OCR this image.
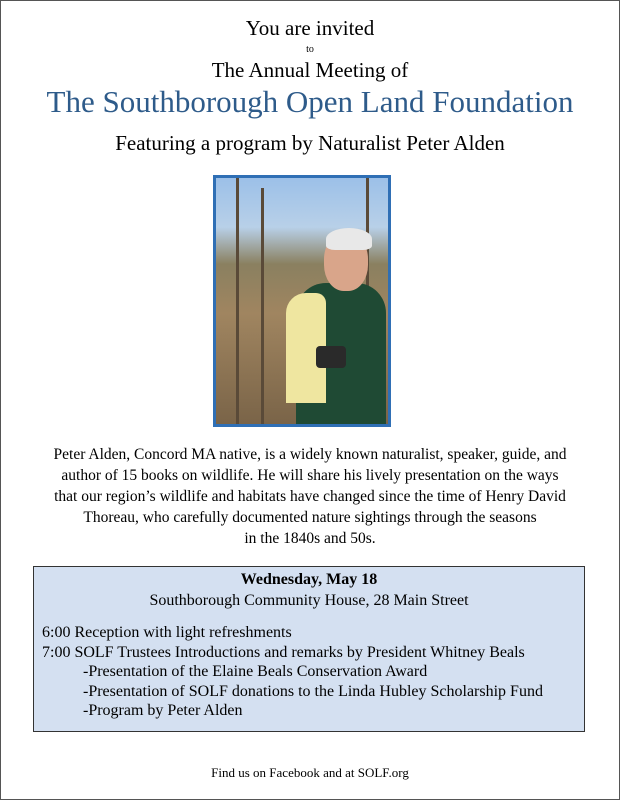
You are invited
to
The Annual Meeting of
The Southborough Open Land Foundation
Featuring a program by Naturalist Peter Alden
Peter Alden, Concord MA native, is a widely known naturalist, speaker, guide, and
author of 15 books on wildlife. He will share his lively presentation on the ways
that our region’s wildlife and habitats have changed since the time of Henry David
Thoreau, who carefully documented nature sightings through the seasons
in the 1840s and 50s.
Wednesday, May 18
Southborough Community House, 28 Main Street
6:00 Reception with light refreshments
7:00 SOLF Trustees Introductions and remarks by President Whitney Beals
-Presentation of the Elaine Beals Conservation Award
-Presentation of SOLF donations to the Linda Hubley Scholarship Fund
-Program by Peter Alden
Find us on Facebook and at SOLF.org
